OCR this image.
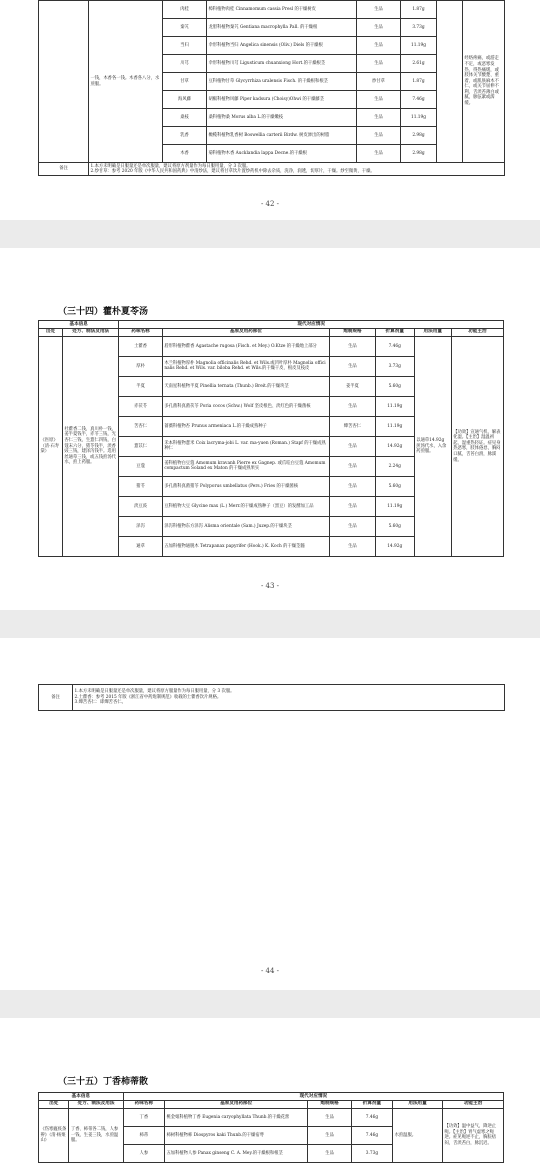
	一钱，木香各一钱。木香各八分，水煎服。	肉桂	樟科植物肉桂 Cinnamomum cassia Presl 的干燥树皮	生品	1.87g		经络疼痛，或游走不定，或恶寒发热，得热痛缓，或肢体关节酸楚、重着，或肌肤麻木不仁，或关节屈伸不利，舌淡苔薄白或腻，脉弦紧或濡缓。
		秦艽	龙胆科植物秦艽 Gentiana macrophylla Pall. 的干燥根	生品	3.73g		
		当归	伞形科植物当归 Angelica sinensis (Oliv.) Diels 的干燥根	生品	11.19g		
		川芎	伞形科植物川芎 Ligusticum chuanxiong Hort.的干燥根茎	生品	2.61g		
		甘草	豆科植物甘草 Glycyrrhiza uralensis Fisch. 的干燥根和根茎	炒甘草	1.87g		
		海风藤	胡椒科植物风藤 Piper kadsura (Choisy)Ohwi 的干燥藤茎	生品	7.46g		
		桑枝	桑科植物桑 Morus alba L.的干燥嫩枝	生品	11.19g		
		乳香	橄榄科植物乳香树 Boswellia carterii Birdw. 树皮渗出的树脂	生品	2.98g		
		木香	菊科植物木香 Aucklandia lappa Decne.的干燥根	生品	2.98g		
备注	1.本方未明确是日服量还是单次服量，建议将原方剂量作为每日服用量，分 3 次服。
2.炒甘草：参考 2020 年版《中华人民共和国药典》中清炒法，建议将甘草饮片置炒药机中除去杂质，洗净，润透，切厚片，干燥。炒至微黄，干燥。						
- 42 -
（三十四）藿朴夏苓汤
基本信息		现代对应情况					
出处	处方、制法及用法	药味名称	基原及用药部位	炮制规格	折算剂量	用法用量	功能主治
《医原》（清·石寿棠）	杜藿香二钱，真川朴一钱，姜半夏钱半，赤苓三钱，光杏仁三钱，生薏仁四钱，白蔻末六分，猪苓钱半，淡香豉三钱，建泽泻钱半。选用丝通草三钱，或五钱煎汤代水，煎上药服。	土藿香	唇形科植物藿香 Agastache rugosa (Fisch. et Mey.) O.Ktze 的干燥地上部分	生品	7.46g	以通草14.92g 煎汤代水，入余药煎服。	【功效】宣通气机，解表化湿。【主治】湿温初起，湿重热轻证。症见身热恶寒，肢体倦怠，胸闷口腻，舌苔白滑，脉濡缓。
		厚朴	木兰科植物厚朴 Magnolia officinalis Rehd. et Wils.或凹叶厚朴 Magnolia officinalis Rehd. et Wils. var. biloba Rehd. et Wils.的干燥干皮、根皮及枝皮	生品	3.73g		
		半夏	天南星科植物半夏 Pinellia ternata (Thunb.) Breit.的干燥块茎	姜半夏	5.60g		
		赤茯苓	多孔菌科真菌茯苓 Poria cocos (Schw.) Wolf 坚皮根色、淡红色的干燥菌核	生品	11.19g		
		苦杏仁	蔷薇科植物杏 Prunus armeniaca L.的干燥成熟种子	燀苦杏仁	11.19g		
		薏苡仁	禾本科植物薏米 Coix lacryma-jobi L. var. ma-yuen (Roman.) Stapf 的干燥成熟种仁	生品	14.92g		
		豆蔻	姜科植物白豆蔻 Amomum kravanh Pierre ex Gagnep. 或爪哇白豆蔻 Amomum compactum Soland ex Maton 的干燥成熟果实	生品	2.24g		
		猪苓	多孔菌科真菌猪苓 Polyporus umbellatus (Pers.) Fries 的干燥菌核	生品	5.60g		
		淡豆豉	豆科植物大豆 Glycine max (L.) Merr.的干燥成熟种子（黑豆）的发酵加工品	生品	11.19g		
		泽泻	泽泻科植物东方泽泻 Alisma orientale (Sam.) Juzep.的干燥块茎	生品	5.60g		
		通草	五加科植物通脱木 Tetrapanax papyrifer (Hook.) K. Koch 的干燥茎髓	生品	14.92g		
- 43 -
备注	
1.本方未明确是日服量还是单次服量，建议将原方服量作为每日服用量，分 3 次服。
2.土藿香：参考 2015 年版《浙江省中药炮制规范》收载的土藿香饮片规格。
3.燀苦杏仁：即燀苦杏仁。
- 44 -
（三十五）丁香柿蒂散
基本信息		现代对应情况					
出处	处方、制法及用法	药味名称	基原及用药部位	炮制规格	折算剂量	用法用量	功能主治
《伤寒瘟疫条辨》（清·杨栗山）	丁香、柿蒂各二钱，人参一钱，生姜三钱，水煎温服。	丁香	桃金娘科植物丁香 Eugenia caryophyllata Thunb.的干燥花蕾	生品	7.46g	水煎温服。	【功效】温中益气，降逆止呃。【主治】胃气虚寒之呃逆。症见呃逆不止，胸脘痞闷，舌淡苔白，脉沉迟。
		柿蒂	柿树科植物柿 Diospyros kaki Thunb.的干燥宿萼	生品	7.46g		
		人参	五加科植物人参 Panax ginseng C. A. Mey.的干燥根和根茎	生品	3.73g		
